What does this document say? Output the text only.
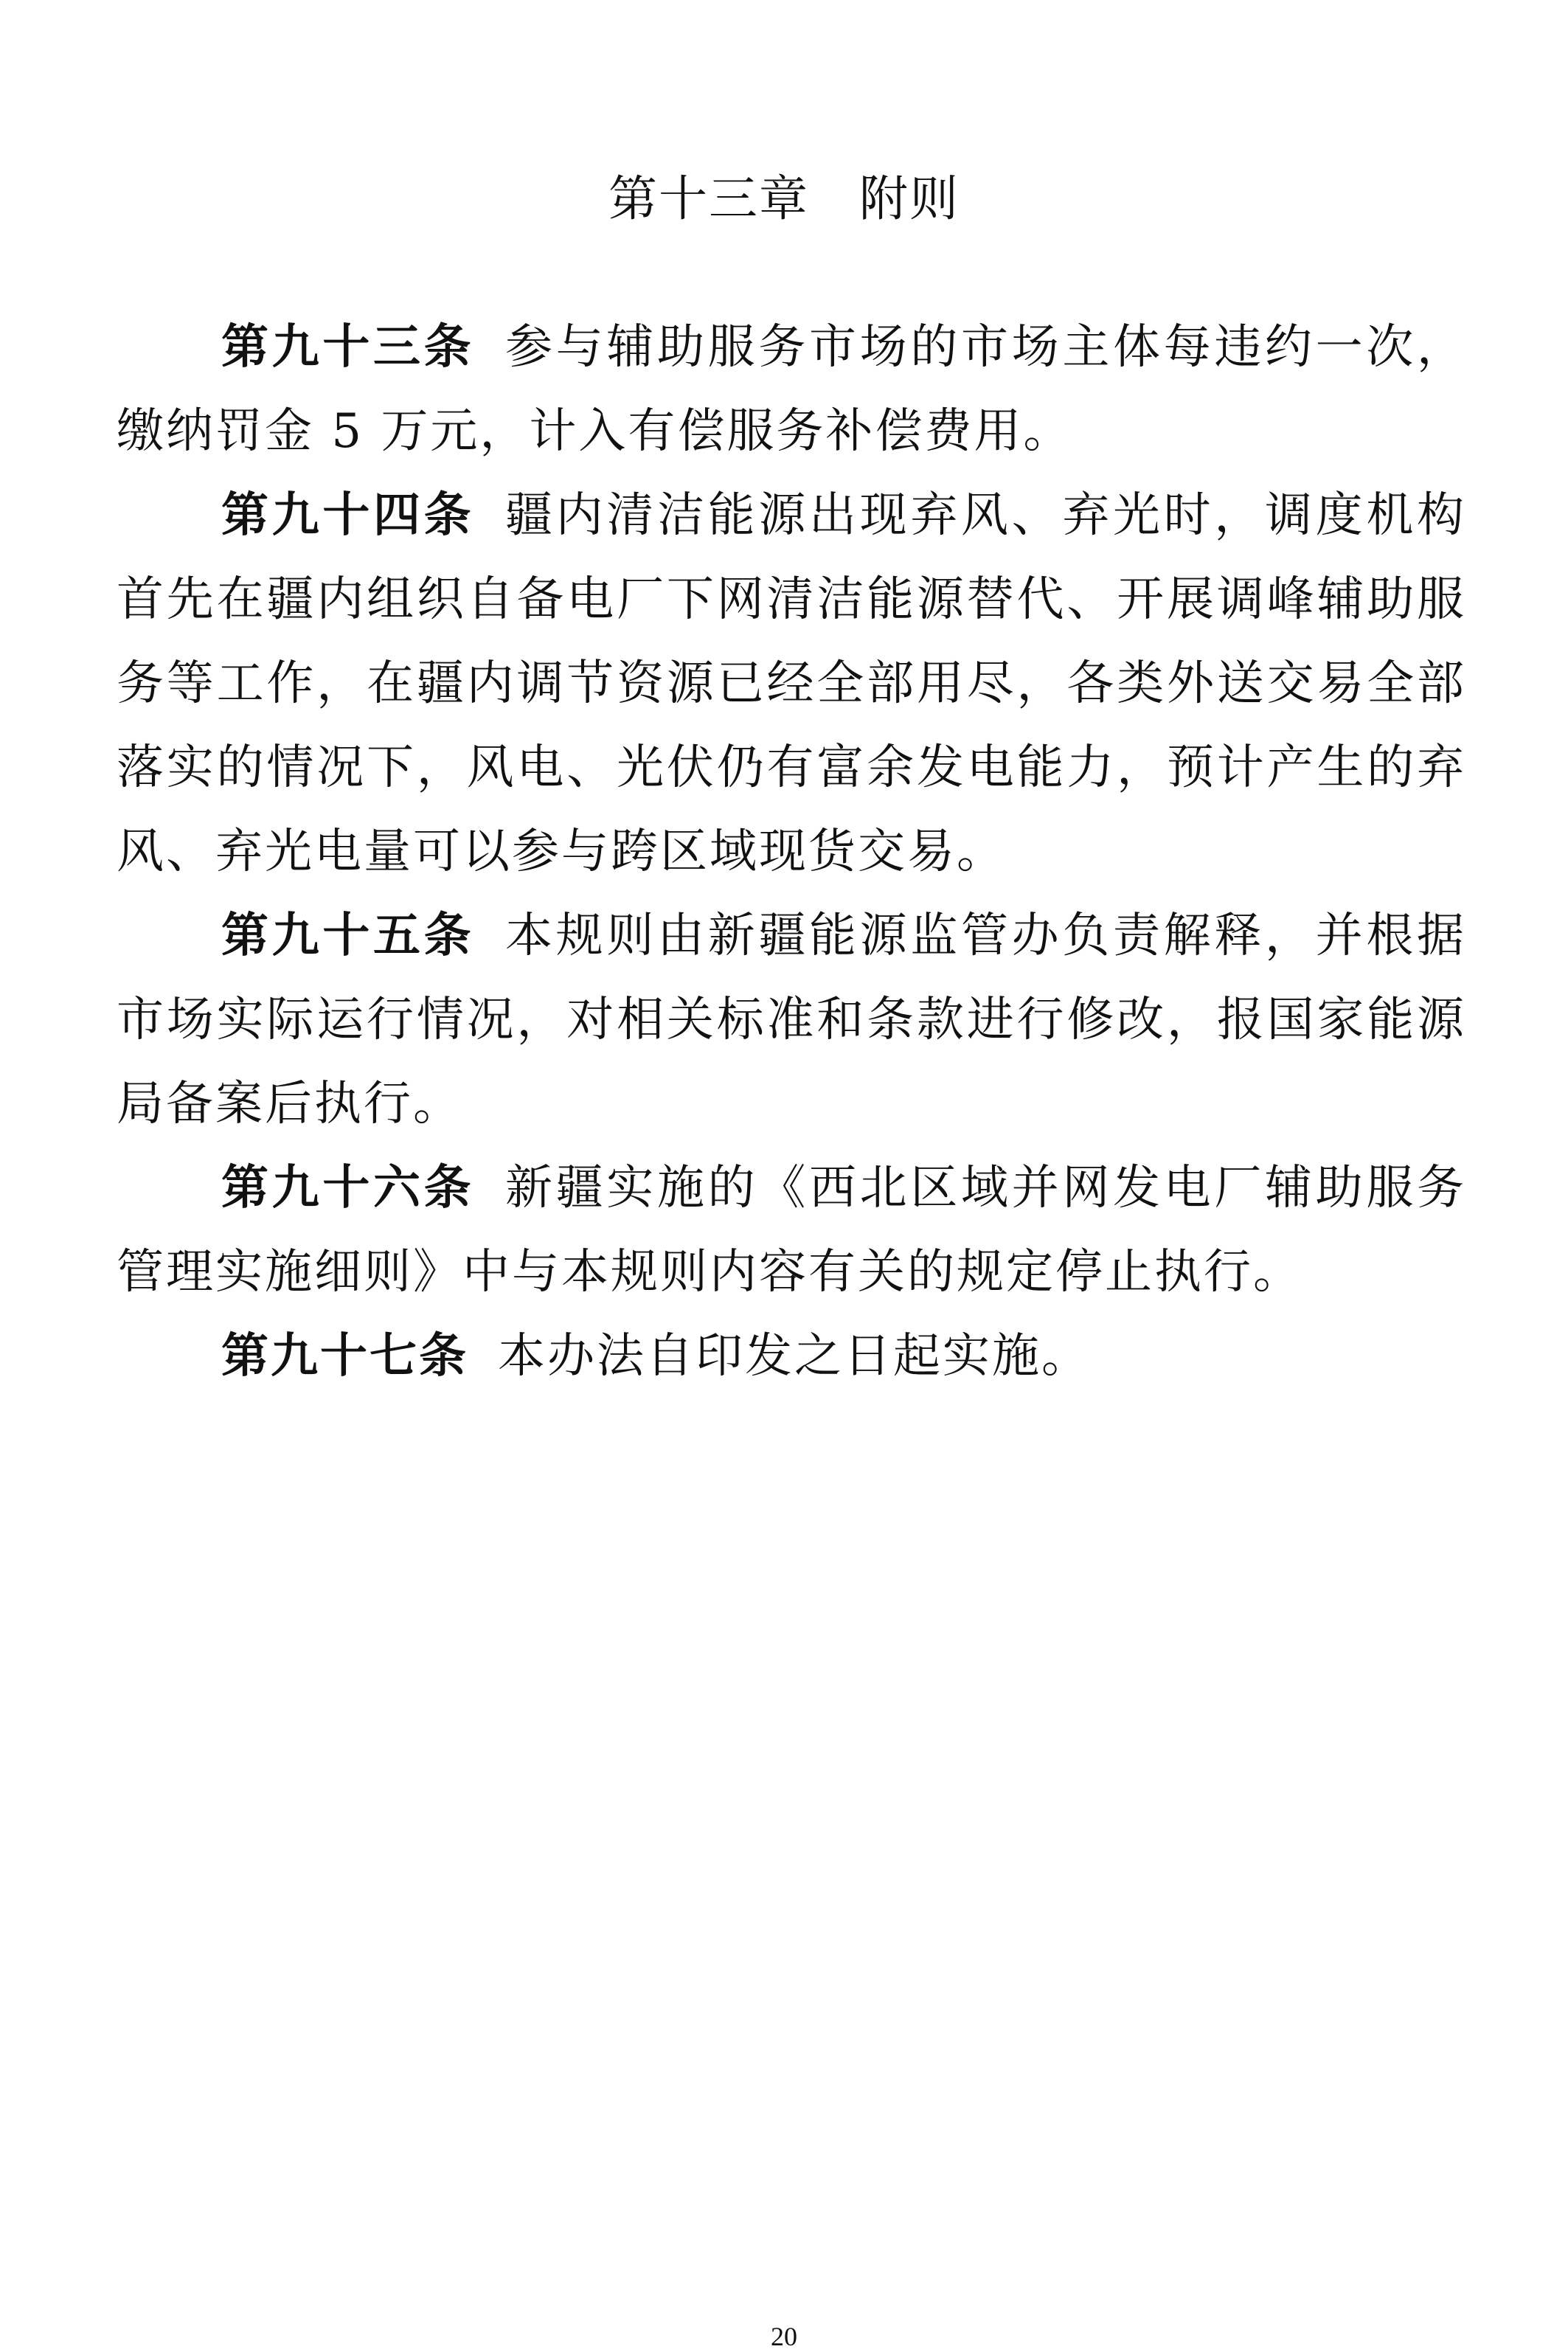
第十三章　附则

第九十三条 参与辅助服务市场的市场主体每违约一次，缴纳罚金 5 万元，计入有偿服务补偿费用。

第九十四条 疆内清洁能源出现弃风、弃光时，调度机构首先在疆内组织自备电厂下网清洁能源替代、开展调峰辅助服务等工作，在疆内调节资源已经全部用尽，各类外送交易全部落实的情况下，风电、光伏仍有富余发电能力，预计产生的弃风、弃光电量可以参与跨区域现货交易。

第九十五条 本规则由新疆能源监管办负责解释，并根据市场实际运行情况，对相关标准和条款进行修改，报国家能源局备案后执行。

第九十六条 新疆实施的《西北区域并网发电厂辅助服务管理实施细则》中与本规则内容有关的规定停止执行。

第九十七条 本办法自印发之日起实施。

20
